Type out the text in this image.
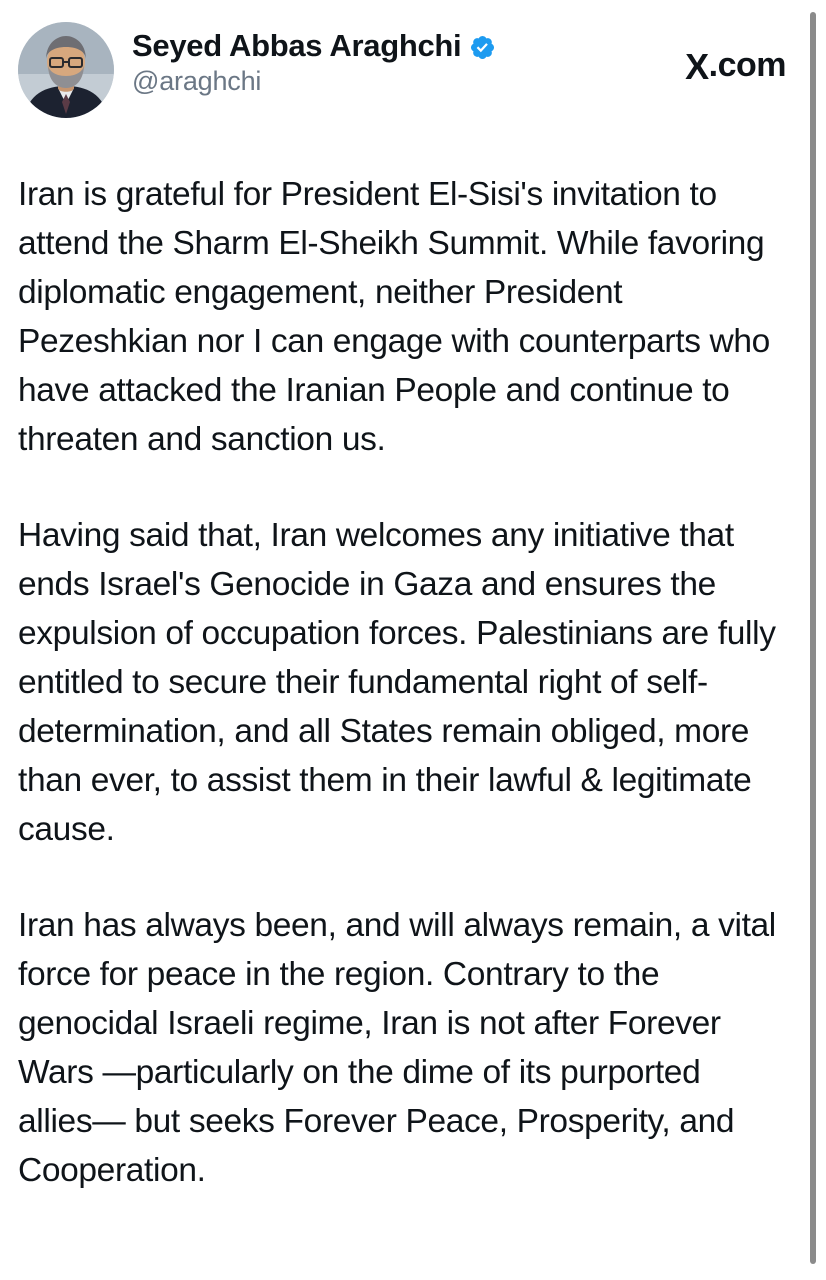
Seyed Abbas Araghchi
@araghchi	X .com

Iran is grateful for President El-Sisi's invitation to attend the Sharm El-Sheikh Summit. While favoring diplomatic engagement, neither President Pezeshkian nor I can engage with counterparts who have attacked the Iranian People and continue to  threaten and sanction us.

Having said that, Iran welcomes any initiative that ends Israel's Genocide in Gaza and ensures the expulsion of occupation forces. Palestinians are fully entitled to secure their fundamental right of self-determination, and all States remain obliged, more than ever, to assist them in their lawful & legitimate cause.

Iran has always been, and will always remain, a vital force for peace in the region. Contrary to the genocidal Israeli regime, Iran is not after Forever Wars —particularly on the dime of its purported allies— but seeks Forever Peace, Prosperity, and Cooperation.
